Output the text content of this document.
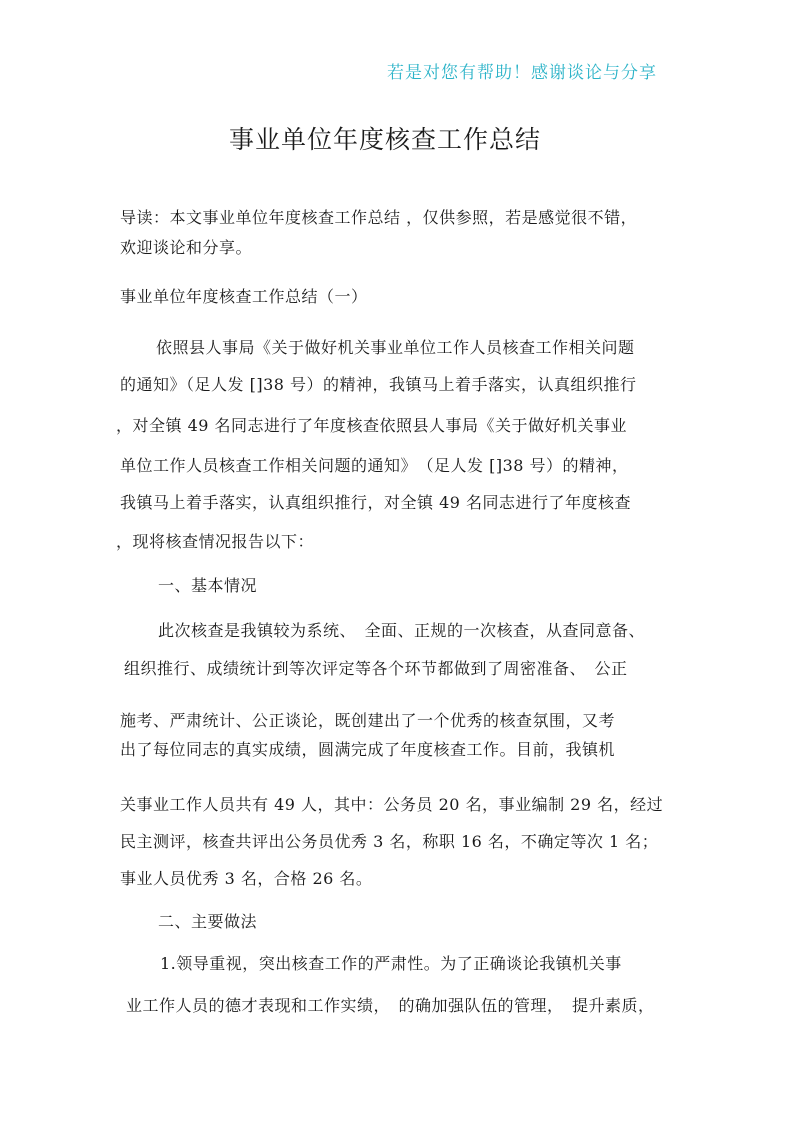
若是对您有帮助！感谢谈论与分享
事业单位年度核查工作总结
导读：本文事业单位年度核查工作总结 ，仅供参照，若是感觉很不错，
欢迎谈论和分享。
事业单位年度核查工作总结（一）
依照县人事局《关于做好机关事业单位工作人员核查工作相关问题
的通知》（足人发 []38 号）的精神，我镇马上着手落实，认真组织推行
，对全镇 49 名同志进行了年度核查依照县人事局《关于做好机关事业
单位工作人员核查工作相关问题的通知》　（足人发 []38 号）的精神，
我镇马上着手落实，认真组织推行，对全镇 49 名同志进行了年度核查
，现将核查情况报告以下：
一、基本情况
此次核查是我镇较为系统、　全面、正规的一次核查，从查同意备、
组织推行、成绩统计到等次评定等各个环节都做到了周密准备、　公正
施考、严肃统计、公正谈论，既创建出了一个优秀的核查氛围，又考
出了每位同志的真实成绩，圆满完成了年度核查工作。目前，我镇机
关事业工作人员共有 49 人，其中：公务员 20 名，事业编制 29 名，经过
民主测评，核查共评出公务员优秀 3 名，称职 16 名，不确定等次 1 名；
事业人员优秀 3 名，合格 26 名。
二、主要做法
1.领导重视，突出核查工作的严肃性。为了正确谈论我镇机关事
业工作人员的德才表现和工作实绩，　的确加强队伍的管理，　提升素质，
